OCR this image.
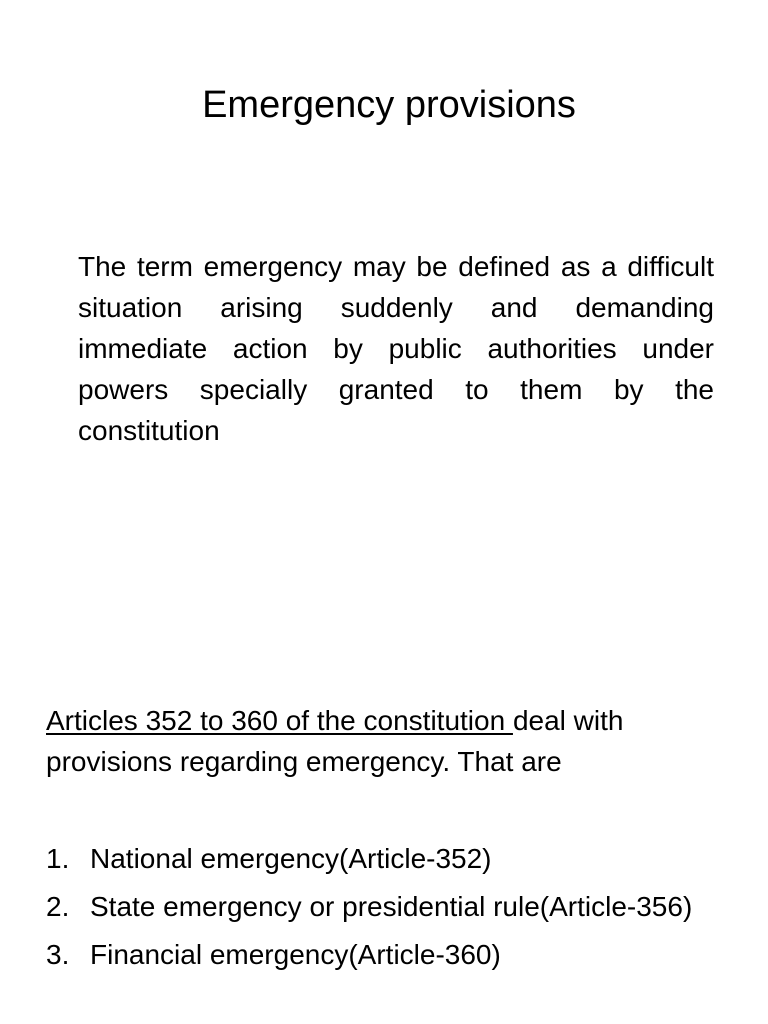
Emergency provisions

The term emergency may be defined as a difficult situation arising suddenly and demanding immediate action by public authorities under powers specially granted to them by the constitution

Articles 352 to 360 of the constitution deal with provisions regarding emergency. That are

1. National emergency(Article-352)
2. State emergency or presidential rule(Article-356)
3. Financial emergency(Article-360)
